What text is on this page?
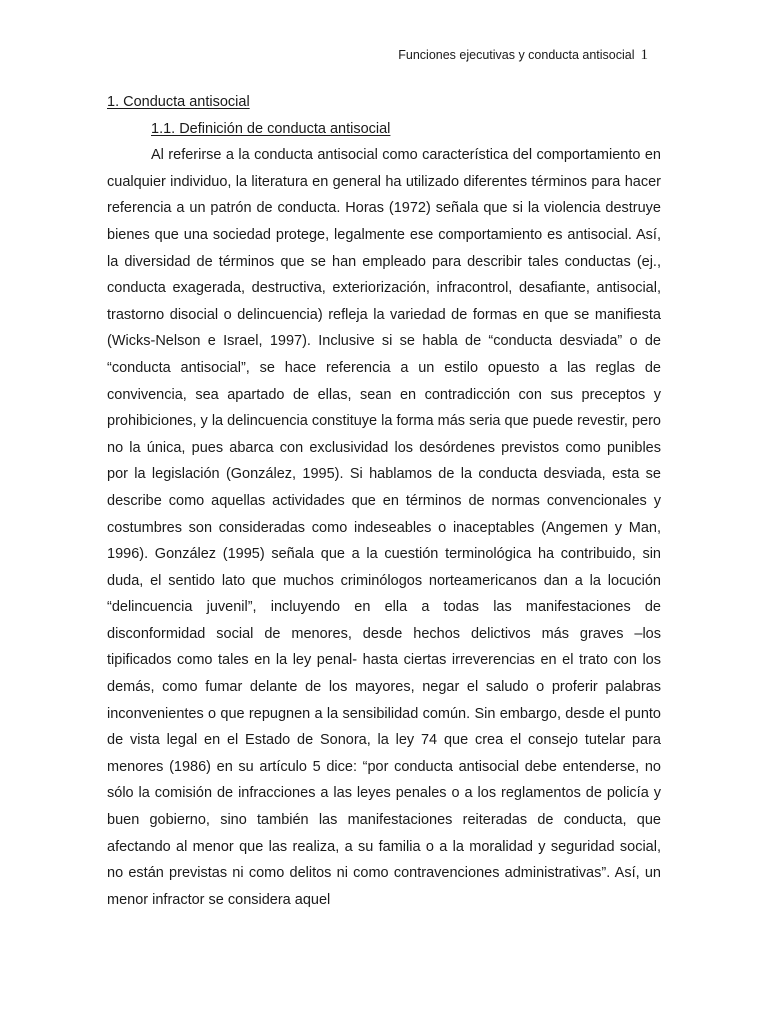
Funciones ejecutivas y conducta antisocial 1
1. Conducta antisocial
1.1. Definición de conducta antisocial

Al referirse a la conducta antisocial como característica del comportamiento en cualquier individuo, la literatura en general ha utilizado diferentes términos para hacer referencia a un patrón de conducta. Horas (1972) señala que si la violencia destruye bienes que una sociedad protege, legalmente ese comportamiento es antisocial. Así, la diversidad de términos que se han empleado para describir tales conductas (ej., conducta exagerada, destructiva, exteriorización, infracontrol, desafiante, antisocial, trastorno disocial o delincuencia) refleja la variedad de formas en que se manifiesta (Wicks-Nelson e Israel, 1997). Inclusive si se habla de “conducta desviada” o de “conducta antisocial”, se hace referencia a un estilo opuesto a las reglas de convivencia, sea apartado de ellas, sean en contradicción con sus preceptos y prohibiciones, y la delincuencia constituye la forma más seria que puede revestir, pero no la única, pues abarca con exclusividad los desórdenes previstos como punibles por la legislación (González, 1995). Si hablamos de la conducta desviada, esta se describe como aquellas actividades que en términos de normas convencionales y costumbres son consideradas como indeseables o inaceptables (Angemen y Man, 1996). González (1995) señala que a la cuestión terminológica ha contribuido, sin duda, el sentido lato que muchos criminólogos norteamericanos dan a la locución “delincuencia juvenil”, incluyendo en ella a todas las manifestaciones de disconformidad social de menores, desde hechos delictivos más graves –los tipificados como tales en la ley penal- hasta ciertas irreverencias en el trato con los demás, como fumar delante de los mayores, negar el saludo o proferir palabras inconvenientes o que repugnen a la sensibilidad común. Sin embargo, desde el punto de vista legal en el Estado de Sonora, la ley 74 que crea el consejo tutelar para menores (1986) en su artículo 5 dice: “por conducta antisocial debe entenderse, no sólo la comisión de infracciones a las leyes penales o a los reglamentos de policía y buen gobierno, sino también las manifestaciones reiteradas de conducta, que afectando al menor que las realiza, a su familia o a la moralidad y seguridad social, no están previstas ni como delitos ni como contravenciones administrativas”. Así, un menor infractor se considera aquel
